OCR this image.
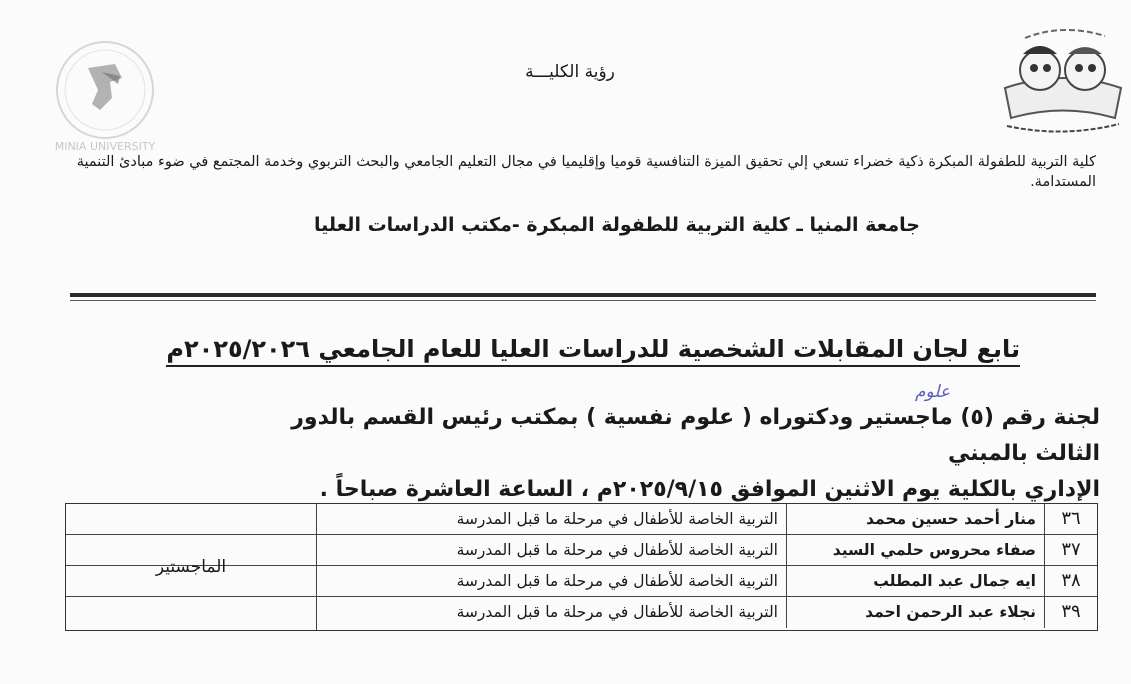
MINIA UNIVERSITY
رؤية الكليـــة
كلية التربية للطفولة المبكرة ذكية خضراء تسعي إلي تحقيق الميزة التنافسية قوميا وإقليميا في مجال التعليم الجامعي والبحث التربوي وخدمة المجتمع في ضوء مبادئ التنمية المستدامة.
جامعة المنيا ـ كلية التربية للطفولة المبكرة -مكتب الدراسات العليا
تابع لجان المقابلات الشخصية للدراسات العليا للعام الجامعي ٢٠٢٥/٢٠٢٦م
علوم
لجنة رقم (٥) ماجستير ودكتوراه ( علوم نفسية ) بمكتب رئيس القسم بالدور الثالث بالمبني
الإداري بالكلية يوم الاثنين الموافق ٢٠٢٥/٩/١٥م ، الساعة العاشرة صباحاً .
٣٦
منار أحمد حسين محمد
التربية الخاصة للأطفال في مرحلة ما قبل المدرسة
٣٧
صفاء محروس حلمي السيد
التربية الخاصة للأطفال في مرحلة ما قبل المدرسة
٣٨
ايه جمال عبد المطلب
التربية الخاصة للأطفال في مرحلة ما قبل المدرسة
٣٩
نجلاء عبد الرحمن احمد
التربية الخاصة للأطفال في مرحلة ما قبل المدرسة
الماجستير
